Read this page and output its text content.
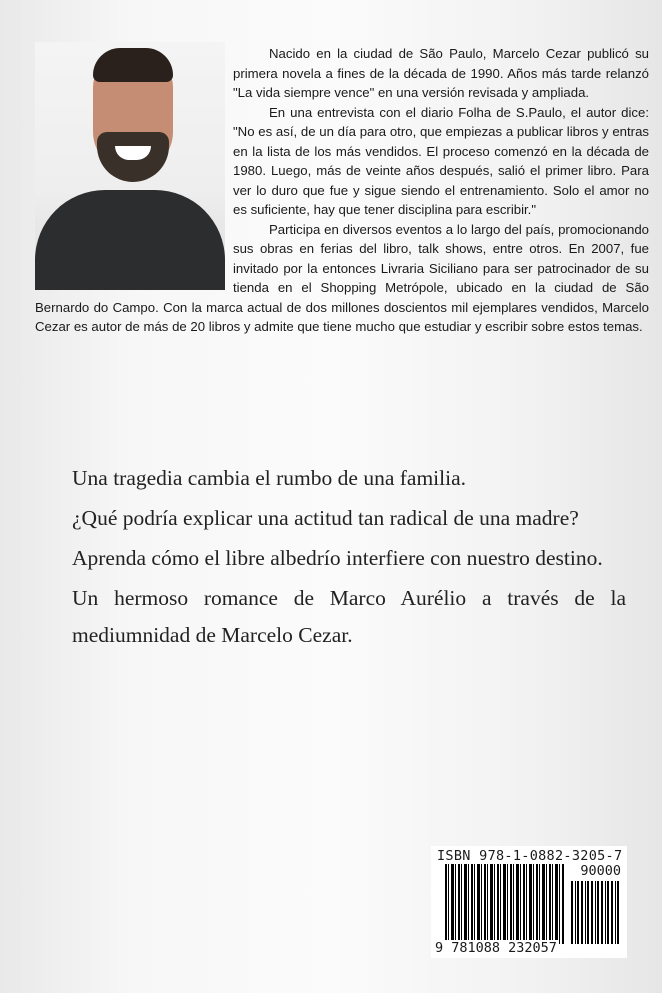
Nacido en la ciudad de São Paulo, Marcelo Cezar publicó su primera novela a fines de la década de 1990. Años más tarde relanzó "La vida siempre vence" en una versión revisada y ampliada.

En una entrevista con el diario Folha de S.Paulo, el autor dice: "No es así, de un día para otro, que empiezas a publicar libros y entras en la lista de los más vendidos. El proceso comenzó en la década de 1980. Luego, más de veinte años después, salió el primer libro. Para ver lo duro que fue y sigue siendo el entrenamiento. Solo el amor no es suficiente, hay que tener disciplina para escribir."

Participa en diversos eventos a lo largo del país, promocionando sus obras en ferias del libro, talk shows, entre otros. En 2007, fue invitado por la entonces Livraria Siciliano para ser patrocinador de su tienda en el Shopping Metrópole, ubicado en la ciudad de São Bernardo do Campo. Con la marca actual de dos millones doscientos mil ejemplares vendidos, Marcelo Cezar es autor de más de 20 libros y admite que tiene mucho que estudiar y escribir sobre estos temas.

Una tragedia cambia el rumbo de una familia.

¿Qué podría explicar una actitud tan radical de una madre?

Aprenda cómo el libre albedrío interfiere con nuestro destino.

Un hermoso romance de Marco Aurélio a través de la mediumnidad de Marcelo Cezar.

ISBN 978-1-0882-3205-7
90000
9 781088 232057
